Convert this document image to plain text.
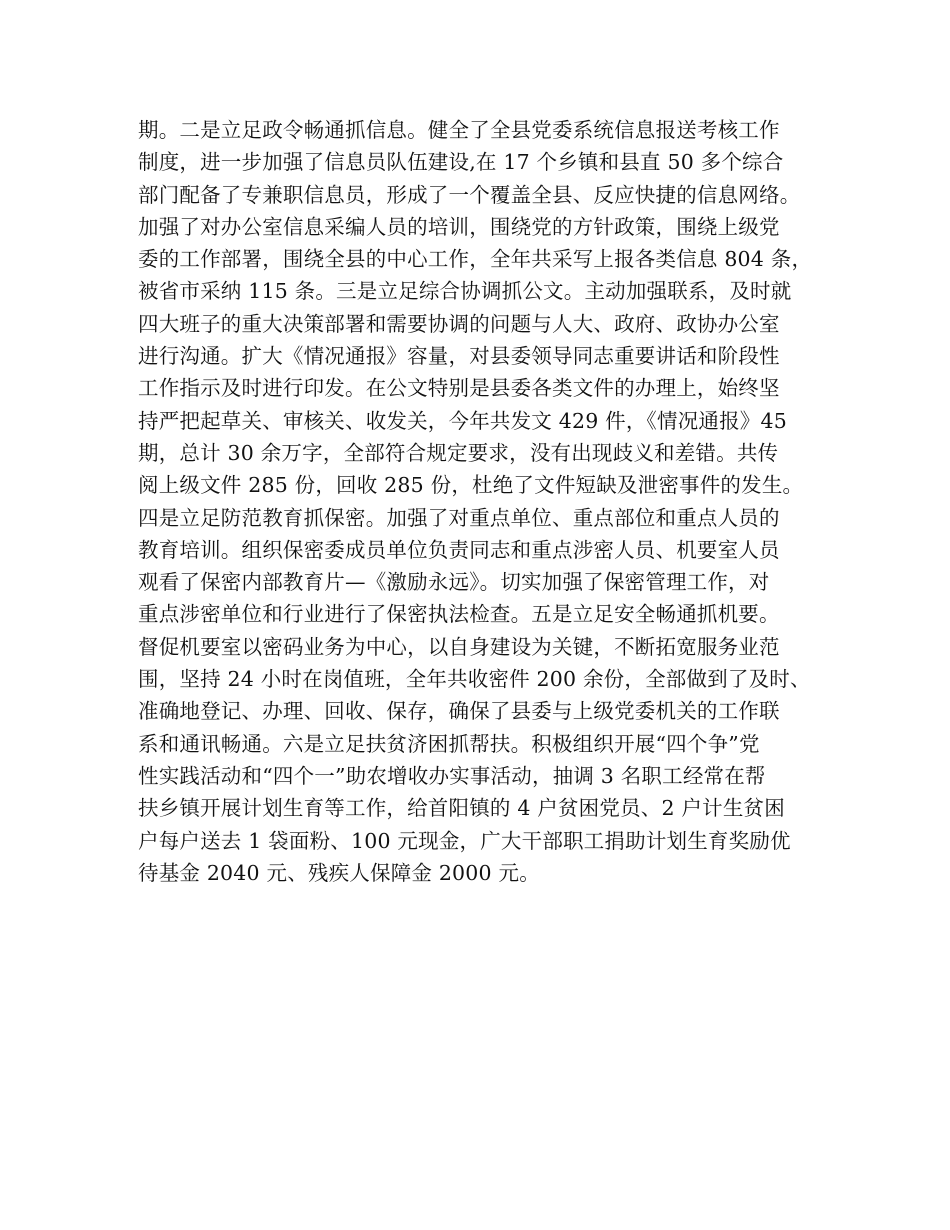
期。二是立足政令畅通抓信息。健全了全县党委系统信息报送考核工作
制度，进一步加强了信息员队伍建设,在 17 个乡镇和县直 50 多个综合
部门配备了专兼职信息员，形成了一个覆盖全县、反应快捷的信息网络。
加强了对办公室信息采编人员的培训，围绕党的方针政策，围绕上级党
委的工作部署，围绕全县的中心工作，全年共采写上报各类信息 804 条，
被省市采纳 115 条。三是立足综合协调抓公文。主动加强联系，及时就
四大班子的重大决策部署和需要协调的问题与人大、政府、政协办公室
进行沟通。扩大《情况通报》容量，对县委领导同志重要讲话和阶段性
工作指示及时进行印发。在公文特别是县委各类文件的办理上，始终坚
持严把起草关、审核关、收发关，今年共发文 429 件，《情况通报》45
期，总计 30 余万字，全部符合规定要求，没有出现歧义和差错。共传
阅上级文件 285 份，回收 285 份，杜绝了文件短缺及泄密事件的发生。
四是立足防范教育抓保密。加强了对重点单位、重点部位和重点人员的
教育培训。组织保密委成员单位负责同志和重点涉密人员、机要室人员
观看了保密内部教育片—《激励永远》。切实加强了保密管理工作，对
重点涉密单位和行业进行了保密执法检查。五是立足安全畅通抓机要。
督促机要室以密码业务为中心，以自身建设为关键，不断拓宽服务业范
围，坚持 24 小时在岗值班，全年共收密件 200 余份，全部做到了及时、
准确地登记、办理、回收、保存，确保了县委与上级党委机关的工作联
系和通讯畅通。六是立足扶贫济困抓帮扶。积极组织开展“四个争”党
性实践活动和“四个一”助农增收办实事活动，抽调 3 名职工经常在帮
扶乡镇开展计划生育等工作，给首阳镇的 4 户贫困党员、2 户计生贫困
户每户送去 1 袋面粉、100 元现金，广大干部职工捐助计划生育奖励优
待基金 2040 元、残疾人保障金 2000 元。
